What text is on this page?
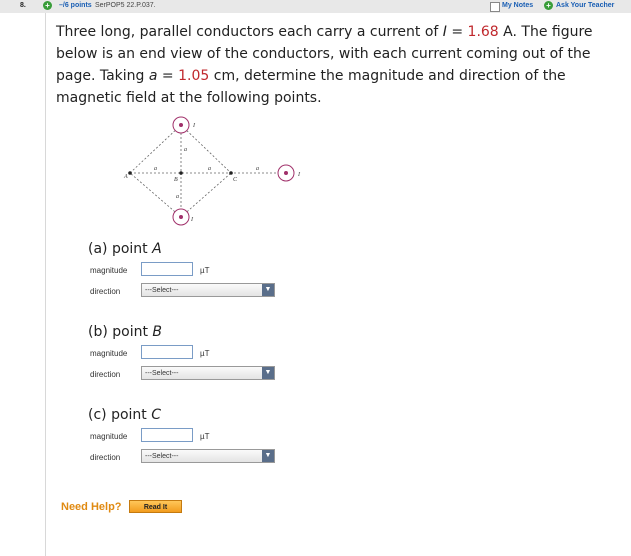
8. +	–/6 points SerPOP5 22.P.037.	My Notes + Ask Your Teacher
Three long, parallel conductors each carry a current of I = 1.68 A. The figure below is an end view of the conductors, with each current coming out of the page. Taking a = 1.05 cm, determine the magnitude and direction of the magnetic field at the following points.
I
I
I
A	B	C
a
a
a	a	a
(a) point A
magnitude	µT
direction	---Select---	▼
(b) point B
magnitude	µT
direction	---Select---	▼
(c) point C
magnitude	µT
direction	---Select---	▼
Need Help?	Read It
